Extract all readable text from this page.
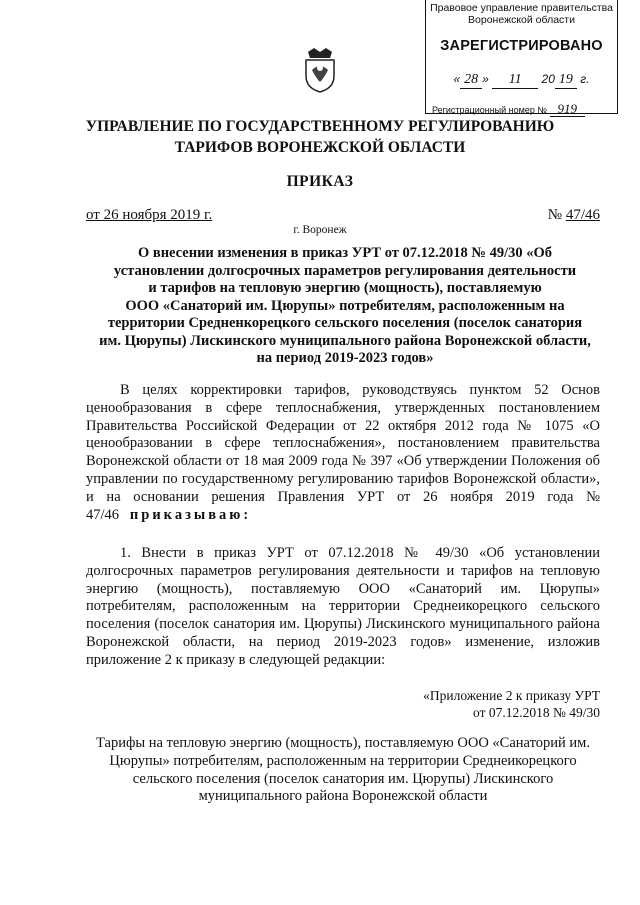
Правовое управление правительства
Воронежской области
ЗАРЕГИСТРИРОВАНО
« 28 » 11 20 19 г.
Регистрационный номер № 919
УПРАВЛЕНИЕ ПО ГОСУДАРСТВЕННОМУ РЕГУЛИРОВАНИЮ
ТАРИФОВ ВОРОНЕЖСКОЙ ОБЛАСТИ
ПРИКАЗ
от 26 ноября 2019 г.	№ 47/46
г. Воронеж
О внесении изменения в приказ УРТ от 07.12.2018 № 49/30 «Об
установлении долгосрочных параметров регулирования деятельности
и тарифов на тепловую энергию (мощность), поставляемую
ООО «Санаторий им. Цюрупы» потребителям, расположенным на
территории Средненкорецкого сельского поселения (поселок санатория
им. Цюрупы) Лискинского муниципального района Воронежской области,
на период 2019-2023 годов»
В целях корректировки тарифов, руководствуясь пунктом 52 Основ ценообразования в сфере теплоснабжения, утвержденных постановлением Правительства Российской Федерации от 22 октября 2012 года № 1075 «О ценообразовании в сфере теплоснабжения», постановлением правительства Воронежской области от 18 мая 2009 года № 397 «Об утверждении Положения об управлении по государственному регулированию тарифов Воронежской области», и на основании решения Правления УРТ от 26 ноября 2019 года № 47/46 приказываю:
1. Внести в приказ УРТ от 07.12.2018 № 49/30 «Об установлении долгосрочных параметров регулирования деятельности и тарифов на тепловую энергию (мощность), поставляемую ООО «Санаторий им. Цюрупы» потребителям, расположенным на территории Среднеикорецкого сельского поселения (поселок санатория им. Цюрупы) Лискинского муниципального района Воронежской области, на период 2019-2023 годов» изменение, изложив приложение 2 к приказу в следующей редакции:
«Приложение 2 к приказу УРТ
от 07.12.2018 № 49/30
Тарифы на тепловую энергию (мощность), поставляемую ООО «Санаторий им.
Цюрупы» потребителям, расположенным на территории Среднеикорецкого
сельского поселения (поселок санатория им. Цюрупы) Лискинского
муниципального района Воронежской области
